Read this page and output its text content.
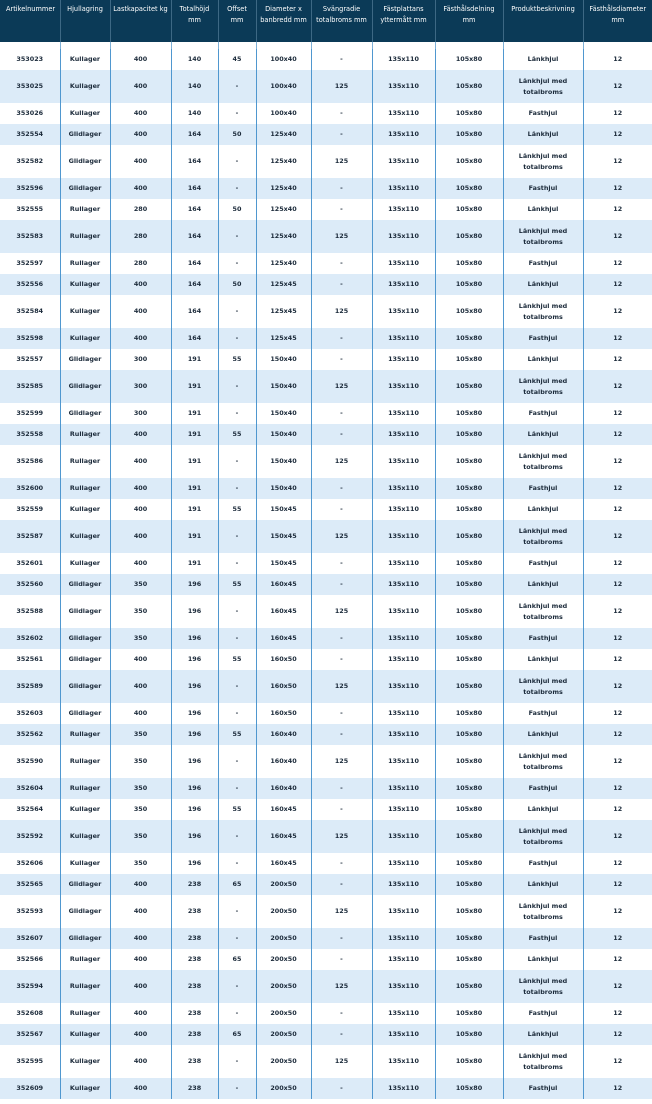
Artikelnummer	Hjullagring	Lastkapacitet kg	Totalhöjd mm	Offset mm	Diameter x banbredd mm	Svängradie totalbroms mm	Fästplattans yttermått mm	Fästhålsdelning mm	Produktbeskrivning	Fästhålsdiameter mm

353023	Kullager	400	140	45	100x40	-	135x110	105x80	Länkhjul	12
353025	Kullager	400	140	-	100x40	125	135x110	105x80	Länkhjul med totalbroms	12
353026	Kullager	400	140	-	100x40	-	135x110	105x80	Fasthjul	12
352554	Glidlager	400	164	50	125x40	-	135x110	105x80	Länkhjul	12
352582	Glidlager	400	164	-	125x40	125	135x110	105x80	Länkhjul med totalbroms	12
352596	Glidlager	400	164	-	125x40	-	135x110	105x80	Fasthjul	12
352555	Rullager	280	164	50	125x40	-	135x110	105x80	Länkhjul	12
352583	Rullager	280	164	-	125x40	125	135x110	105x80	Länkhjul med totalbroms	12
352597	Rullager	280	164	-	125x40	-	135x110	105x80	Fasthjul	12
352556	Kullager	400	164	50	125x45	-	135x110	105x80	Länkhjul	12
352584	Kullager	400	164	-	125x45	125	135x110	105x80	Länkhjul med totalbroms	12
352598	Kullager	400	164	-	125x45	-	135x110	105x80	Fasthjul	12
352557	Glidlager	300	191	55	150x40	-	135x110	105x80	Länkhjul	12
352585	Glidlager	300	191	-	150x40	125	135x110	105x80	Länkhjul med totalbroms	12
352599	Glidlager	300	191	-	150x40	-	135x110	105x80	Fasthjul	12
352558	Rullager	400	191	55	150x40	-	135x110	105x80	Länkhjul	12
352586	Rullager	400	191	-	150x40	125	135x110	105x80	Länkhjul med totalbroms	12
352600	Rullager	400	191	-	150x40	-	135x110	105x80	Fasthjul	12
352559	Kullager	400	191	55	150x45	-	135x110	105x80	Länkhjul	12
352587	Kullager	400	191	-	150x45	125	135x110	105x80	Länkhjul med totalbroms	12
352601	Kullager	400	191	-	150x45	-	135x110	105x80	Fasthjul	12
352560	Glidlager	350	196	55	160x45	-	135x110	105x80	Länkhjul	12
352588	Glidlager	350	196	-	160x45	125	135x110	105x80	Länkhjul med totalbroms	12
352602	Glidlager	350	196	-	160x45	-	135x110	105x80	Fasthjul	12
352561	Glidlager	400	196	55	160x50	-	135x110	105x80	Länkhjul	12
352589	Glidlager	400	196	-	160x50	125	135x110	105x80	Länkhjul med totalbroms	12
352603	Glidlager	400	196	-	160x50	-	135x110	105x80	Fasthjul	12
352562	Rullager	350	196	55	160x40	-	135x110	105x80	Länkhjul	12
352590	Rullager	350	196	-	160x40	125	135x110	105x80	Länkhjul med totalbroms	12
352604	Rullager	350	196	-	160x40	-	135x110	105x80	Fasthjul	12
352564	Kullager	350	196	55	160x45	-	135x110	105x80	Länkhjul	12
352592	Kullager	350	196	-	160x45	125	135x110	105x80	Länkhjul med totalbroms	12
352606	Kullager	350	196	-	160x45	-	135x110	105x80	Fasthjul	12
352565	Glidlager	400	238	65	200x50	-	135x110	105x80	Länkhjul	12
352593	Glidlager	400	238	-	200x50	125	135x110	105x80	Länkhjul med totalbroms	12
352607	Glidlager	400	238	-	200x50	-	135x110	105x80	Fasthjul	12
352566	Rullager	400	238	65	200x50	-	135x110	105x80	Länkhjul	12
352594	Rullager	400	238	-	200x50	125	135x110	105x80	Länkhjul med totalbroms	12
352608	Rullager	400	238	-	200x50	-	135x110	105x80	Fasthjul	12
352567	Kullager	400	238	65	200x50	-	135x110	105x80	Länkhjul	12
352595	Kullager	400	238	-	200x50	125	135x110	105x80	Länkhjul med totalbroms	12
352609	Kullager	400	238	-	200x50	-	135x110	105x80	Fasthjul	12
